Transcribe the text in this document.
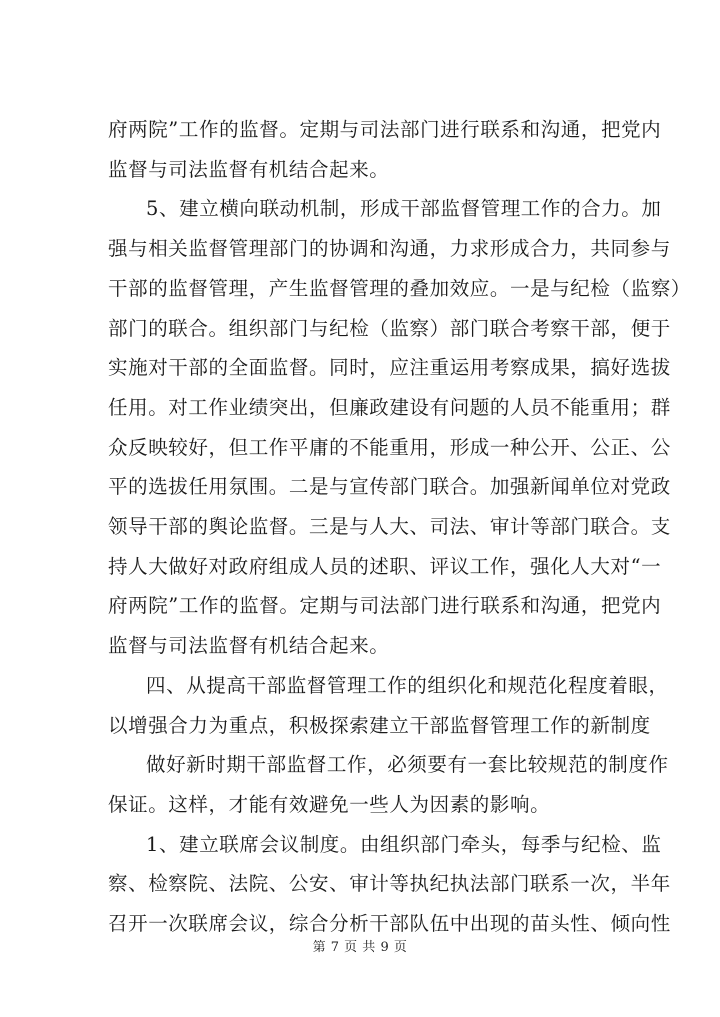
府两院”工作的监督。定期与司法部门进行联系和沟通，把党内
监督与司法监督有机结合起来。
5、建立横向联动机制，形成干部监督管理工作的合力。加
强与相关监督管理部门的协调和沟通，力求形成合力，共同参与
干部的监督管理，产生监督管理的叠加效应。一是与纪检（监察）
部门的联合。组织部门与纪检（监察）部门联合考察干部，便于
实施对干部的全面监督。同时，应注重运用考察成果，搞好选拔
任用。对工作业绩突出，但廉政建设有问题的人员不能重用；群
众反映较好，但工作平庸的不能重用，形成一种公开、公正、公
平的选拔任用氛围。二是与宣传部门联合。加强新闻单位对党政
领导干部的舆论监督。三是与人大、司法、审计等部门联合。支
持人大做好对政府组成人员的述职、评议工作，强化人大对“一
府两院”工作的监督。定期与司法部门进行联系和沟通，把党内
监督与司法监督有机结合起来。
四、从提高干部监督管理工作的组织化和规范化程度着眼，
以增强合力为重点，积极探索建立干部监督管理工作的新制度
做好新时期干部监督工作，必须要有一套比较规范的制度作
保证。这样，才能有效避免一些人为因素的影响。
1、建立联席会议制度。由组织部门牵头，每季与纪检、监
察、检察院、法院、公安、审计等执纪执法部门联系一次，半年
召开一次联席会议，综合分析干部队伍中出现的苗头性、倾向性
第 7 页 共 9 页
